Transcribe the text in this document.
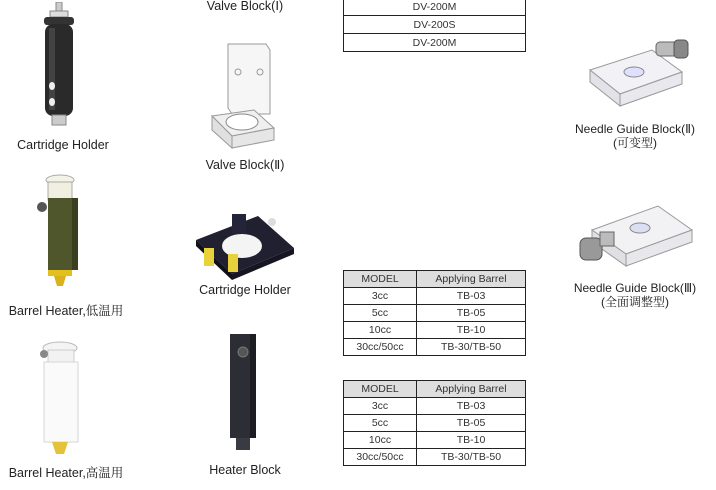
Cartridge Holder
Barrel Heater,低温用
Barrel Heater,高温用
Valve Block(Ⅰ)
Valve Block(Ⅱ)
Cartridge Holder
Heater Block
DV-200M
DV-200S
DV-200M
MODEL	Applying Barrel
3cc	TB-03
5cc	TB-05
10cc	TB-10
30cc/50cc	TB-30/TB-50
MODEL	Applying Barrel
3cc	TB-03
5cc	TB-05
10cc	TB-10
30cc/50cc	TB-30/TB-50
Needle Guide Block(Ⅱ)
(可变型)
Needle Guide Block(Ⅲ)
(全面调整型)
